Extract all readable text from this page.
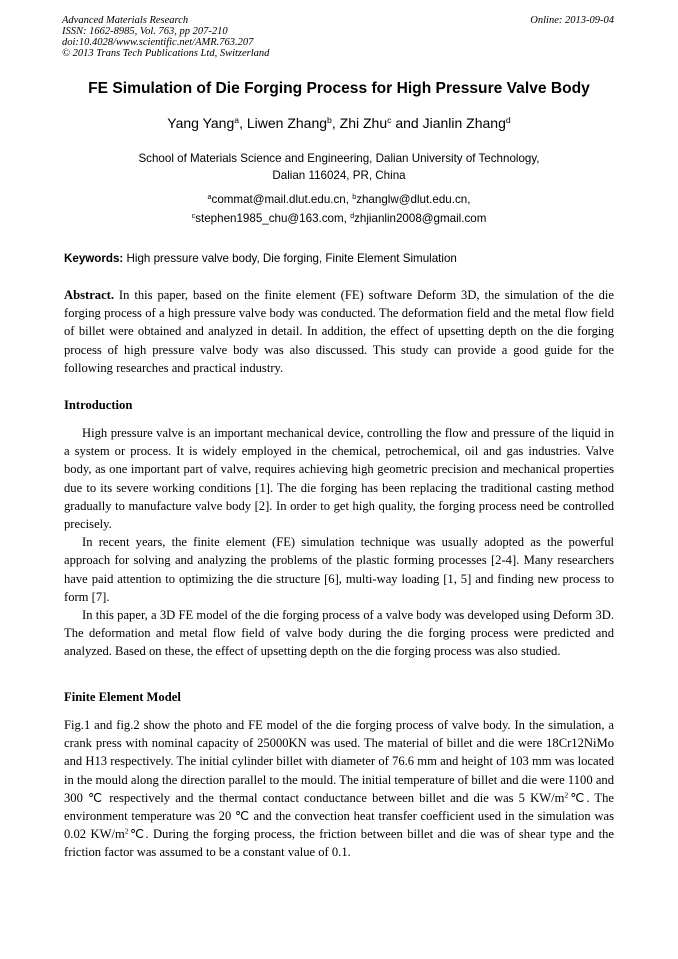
Advanced Materials Research
ISSN: 1662-8985, Vol. 763, pp 207-210
doi:10.4028/www.scientific.net/AMR.763.207
© 2013 Trans Tech Publications Ltd, Switzerland
Online: 2013-09-04
FE Simulation of Die Forging Process for High Pressure Valve Body
Yang Yang$^a$, Liwen Zhang$^b$, Zhi Zhu$^c$ and Jianlin Zhang$^d$
School of Materials Science and Engineering, Dalian University of Technology,
Dalian 116024, PR, China
$^a$commat@mail.dlut.edu.cn, $^b$zhanglw@dlut.edu.cn,
$^c$stephen1985_chu@163.com, $^d$zhjianlin2008@gmail.com
Keywords: High pressure valve body, Die forging, Finite Element Simulation
Abstract. In this paper, based on the finite element (FE) software Deform 3D, the simulation of the die forging process of a high pressure valve body was conducted. The deformation field and the metal flow field of billet were obtained and analyzed in detail. In addition, the effect of upsetting depth on the die forging process of high pressure valve body was also discussed. This study can provide a good guide for the following researches and practical industry.
Introduction

High pressure valve is an important mechanical device, controlling the flow and pressure of the liquid in a system or process. It is widely employed in the chemical, petrochemical, oil and gas industries. Valve body, as one important part of valve, requires achieving high geometric precision and mechanical properties due to its severe working conditions [1]. The die forging has been replacing the traditional casting method gradually to manufacture valve body [2]. In order to get high quality, the forging process need be controlled precisely.

In recent years, the finite element (FE) simulation technique was usually adopted as the powerful approach for solving and analyzing the problems of the plastic forming processes [2-4]. Many researchers have paid attention to optimizing the die structure [6], multi-way loading [1, 5] and finding new process to form [7].

In this paper, a 3D FE model of the die forging process of a valve body was developed using Deform 3D. The deformation and metal flow field of valve body during the die forging process were predicted and analyzed. Based on these, the effect of upsetting depth on the die forging process was also studied.

Finite Element Model

Fig.1 and fig.2 show the photo and FE model of the die forging process of valve body. In the simulation, a crank press with nominal capacity of 25000KN was used. The material of billet and die were 18Cr12NiMo and H13 respectively. The initial cylinder billet with diameter of 76.6 mm and height of 103 mm was located in the mould along the direction parallel to the mould. The initial temperature of billet and die were 1100 and 300 ℃ respectively and the thermal contact conductance between billet and die was 5 $KW/m^2℃$. The environment temperature was 20 ℃ and the convection heat transfer coefficient used in the simulation was 0.02 $KW/m^2℃$. During the forging process, the friction between billet and die was of shear type and the friction factor was assumed to be a constant value of 0.1.
